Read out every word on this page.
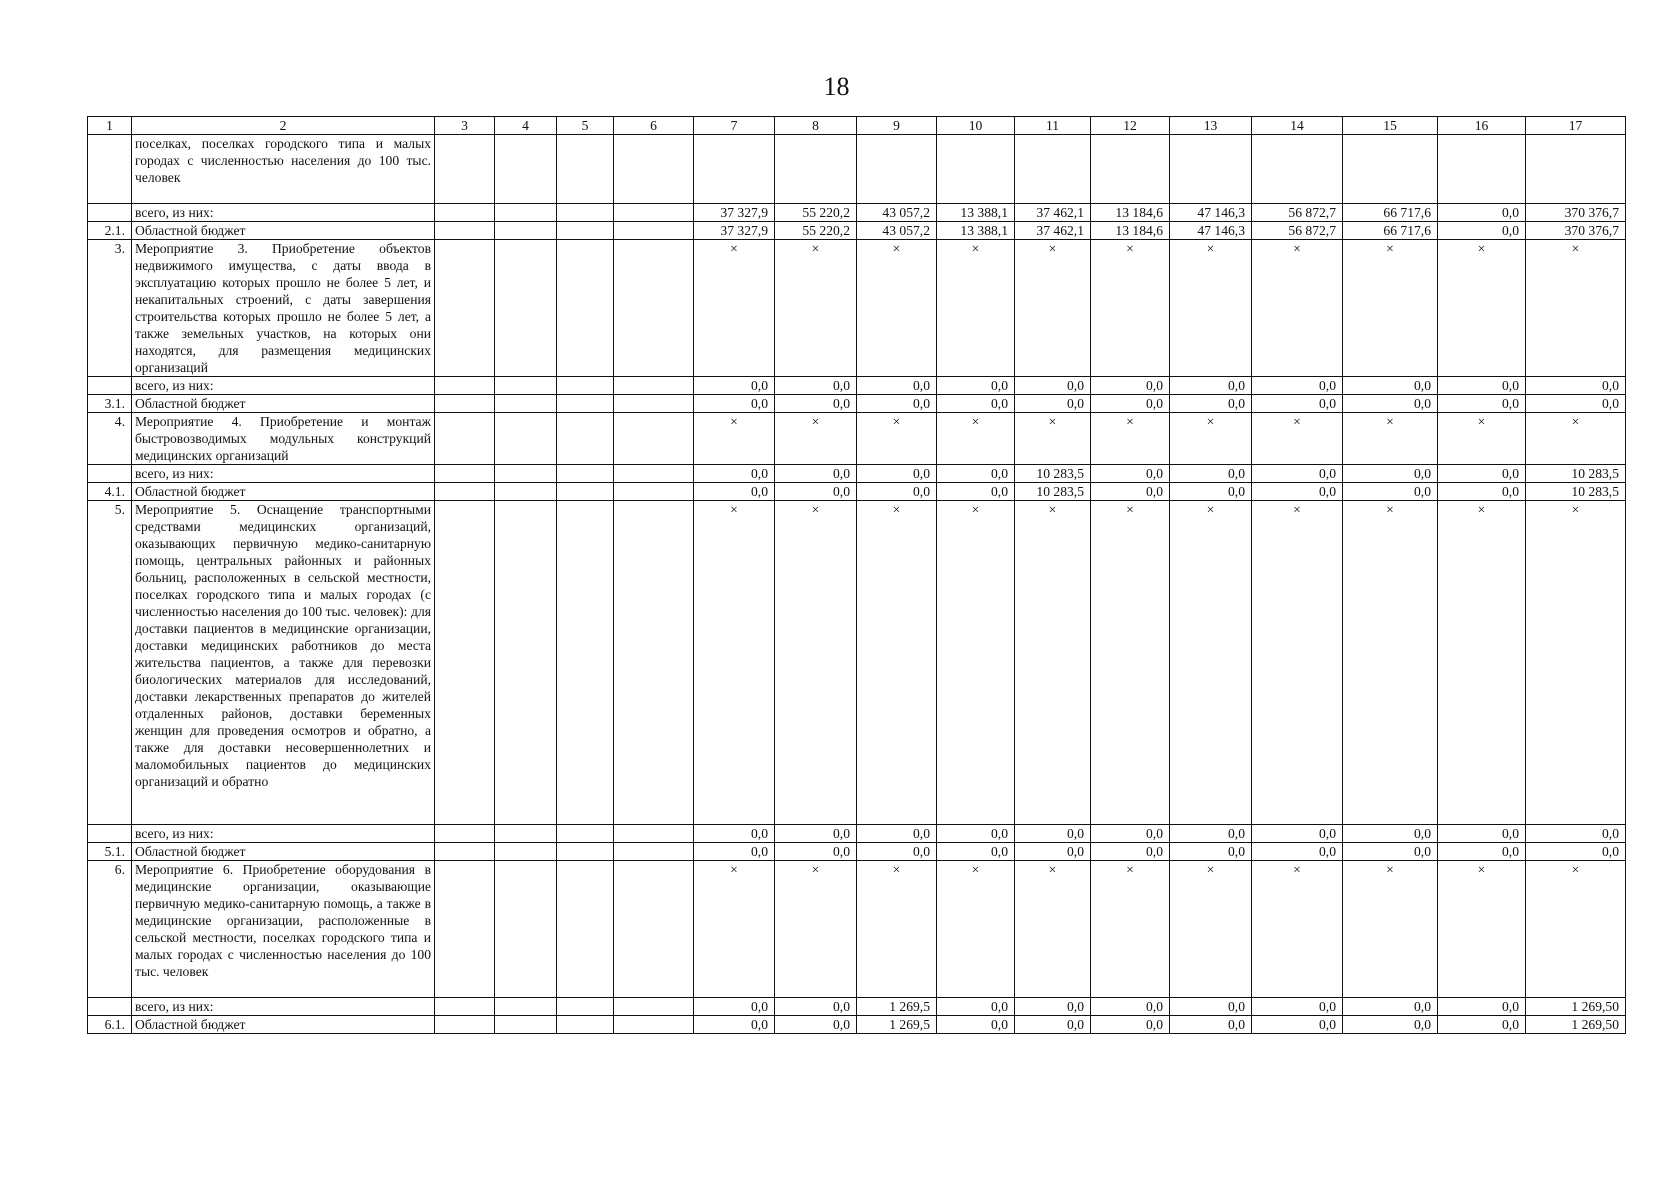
18
1	2	3	4	5	6	7	8	9	10	11	12	13	14	15	16	17
	поселках, поселках городского типа и малых городах с численностью населения до 100 тыс. человек															
	всего, из них:					37 327,9	55 220,2	43 057,2	13 388,1	37 462,1	13 184,6	47 146,3	56 872,7	66 717,6	0,0	370 376,7
2.1.	Областной бюджет					37 327,9	55 220,2	43 057,2	13 388,1	37 462,1	13 184,6	47 146,3	56 872,7	66 717,6	0,0	370 376,7
3.	Мероприятие 3. Приобретение объектов недвижимого имущества, с даты ввода в эксплуатацию которых прошло не более 5 лет, и некапитальных строений, с даты завершения строительства которых прошло не более 5 лет, а также земельных участков, на которых они находятся, для размещения медицинских организаций					×	×	×	×	×	×	×	×	×	×	×
	всего, из них:					0,0	0,0	0,0	0,0	0,0	0,0	0,0	0,0	0,0	0,0	0,0
3.1.	Областной бюджет					0,0	0,0	0,0	0,0	0,0	0,0	0,0	0,0	0,0	0,0	0,0
4.	Мероприятие 4. Приобретение и монтаж быстровозводимых модульных конструкций медицинских организаций					×	×	×	×	×	×	×	×	×	×	×
	всего, из них:					0,0	0,0	0,0	0,0	10 283,5	0,0	0,0	0,0	0,0	0,0	10 283,5
4.1.	Областной бюджет					0,0	0,0	0,0	0,0	10 283,5	0,0	0,0	0,0	0,0	0,0	10 283,5
5.	Мероприятие 5. Оснащение транспортными средствами медицинских организаций, оказывающих первичную медико-санитарную помощь, центральных районных и районных больниц, расположенных в сельской местности, поселках городского типа и малых городах (с численностью населения до 100 тыс. человек): для доставки пациентов в медицинские организации, доставки медицинских работников до места жительства пациентов, а также для перевозки биологических материалов для исследований, доставки лекарственных препаратов до жителей отдаленных районов, доставки беременных женщин для проведения осмотров и обратно, а также для доставки несовершеннолетних и маломобильных пациентов до медицинских организаций и обратно					×	×	×	×	×	×	×	×	×	×	×
	всего, из них:					0,0	0,0	0,0	0,0	0,0	0,0	0,0	0,0	0,0	0,0	0,0
5.1.	Областной бюджет					0,0	0,0	0,0	0,0	0,0	0,0	0,0	0,0	0,0	0,0	0,0
6.	Мероприятие 6. Приобретение оборудования в медицинские организации, оказывающие первичную медико-санитарную помощь, а также в медицинские организации, расположенные в сельской местности, поселках городского типа и малых городах с численностью населения до 100 тыс. человек					×	×	×	×	×	×	×	×	×	×	×
	всего, из них:					0,0	0,0	1 269,5	0,0	0,0	0,0	0,0	0,0	0,0	0,0	1 269,50
6.1.	Областной бюджет					0,0	0,0	1 269,5	0,0	0,0	0,0	0,0	0,0	0,0	0,0	1 269,50
